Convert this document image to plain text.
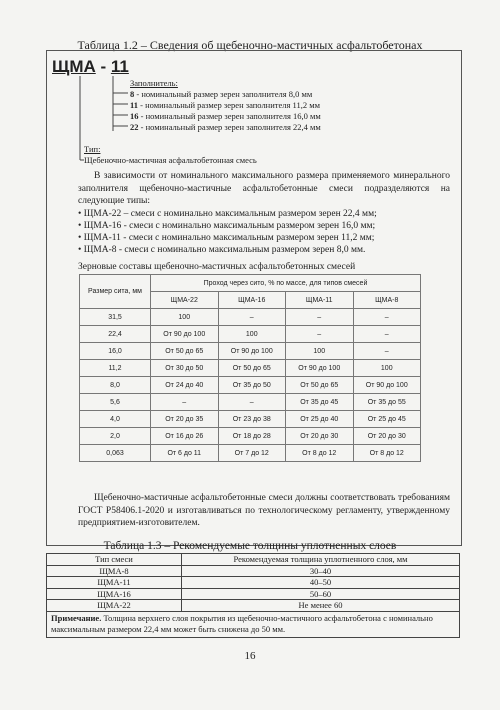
Таблица 1.2 – Сведения об щебеночно-мастичных асфальтобетонах
ЩМА - 11
Заполнитель:
8 - номинальный размер зерен заполнителя 8,0 мм
11 - номинальный размер зерен заполнителя 11,2 мм
16 - номинальный размер зерен заполнителя 16,0 мм
22 - номинальный размер зерен заполнителя 22,4 мм
Тип:
Щебеночно-мастичная асфальтобетонная смесь
В зависимости от номинального максимального размера применяемого минерального заполнителя щебеночно-мастичные асфальтобетонные смеси подразделяются на следующие типы:
• ЩМА-22 – смеси с номинально максимальным размером зерен 22,4 мм;
• ЩМА-16 - смеси с номинально максимальным размером зерен 16,0 мм;
• ЩМА-11 - смеси с номинально максимальным размером зерен 11,2 мм;
• ЩМА-8 - смеси с номинально максимальным размером зерен 8,0 мм.
Зерновые составы щебеночно-мастичных асфальтобетонных смесей
Размер сита, мм	Проход через сито, % по массе, для типов смесей			
	ЩМА-22	ЩМА-16	ЩМА-11	ЩМА-8
31,5	100	–	–	–
22,4	От 90 до 100	100	–	–
16,0	От 50 до 65	От 90 до 100	100	–
11,2	От 30 до 50	От 50 до 65	От 90 до 100	100
8,0	От 24 до 40	От 35 до 50	От 50 до 65	От 90 до 100
5,6	–	–	От 35 до 45	От 35 до 55
4,0	От 20 до 35	От 23 до 38	От 25 до 40	От 25 до 45
2,0	От 16 до 26	От 18 до 28	От 20 до 30	От 20 до 30
0,063	От 6 до 11	От 7 до 12	От 8 до 12	От 8 до 12
Щебеночно-мастичные асфальтобетонные смеси должны соответствовать требованиям ГОСТ Р58406.1-2020 и изготавливаться по технологическому регламенту, утвержденному предприятием-изготовителем.
Таблица 1.3 – Рекомендуемые толщины уплотненных слоев
Тип смеси	Рекомендуемая толщина уплотненного слоя, мм
ЩМА-8	30–40
ЩМА-11	40–50
ЩМА-16	50–60
ЩМА-22	Не менее 60
Примечание. Толщина верхнего слоя покрытия из щебеночно-мастичного асфальтобетона с номинально максимальным размером 22,4 мм может быть снижена до 50 мм.	
16
